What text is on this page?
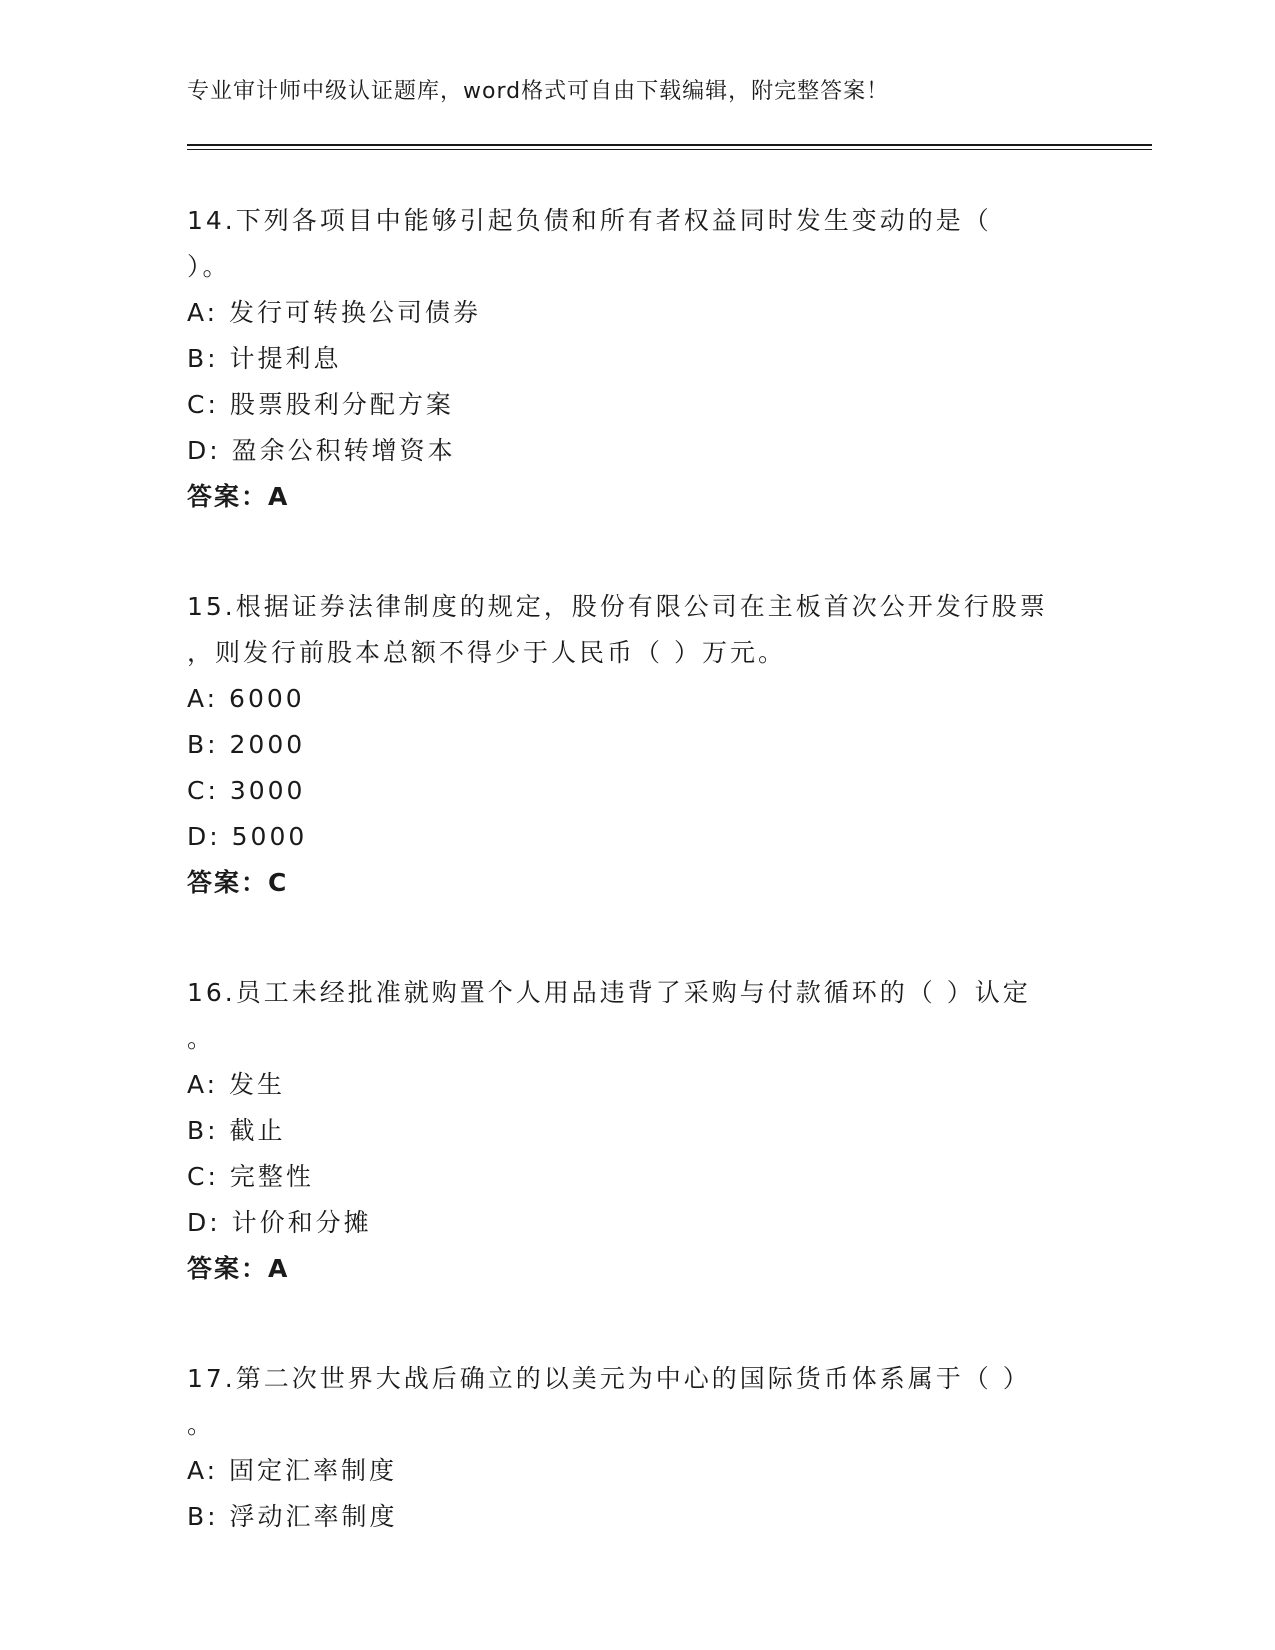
专业审计师中级认证题库，word格式可自由下载编辑，附完整答案！
14.下列各项目中能够引起负债和所有者权益同时发生变动的是（
）。
A: 发行可转换公司债券
B: 计提利息
C: 股票股利分配方案
D: 盈余公积转增资本
答案：A
15.根据证券法律制度的规定，股份有限公司在主板首次公开发行股票
，则发行前股本总额不得少于人民币（ ）万元。
A: 6000
B: 2000
C: 3000
D: 5000
答案：C
16.员工未经批准就购置个人用品违背了采购与付款循环的（ ）认定
。
A: 发生
B: 截止
C: 完整性
D: 计价和分摊
答案：A
17.第二次世界大战后确立的以美元为中心的国际货币体系属于（ ）
。
A: 固定汇率制度
B: 浮动汇率制度
